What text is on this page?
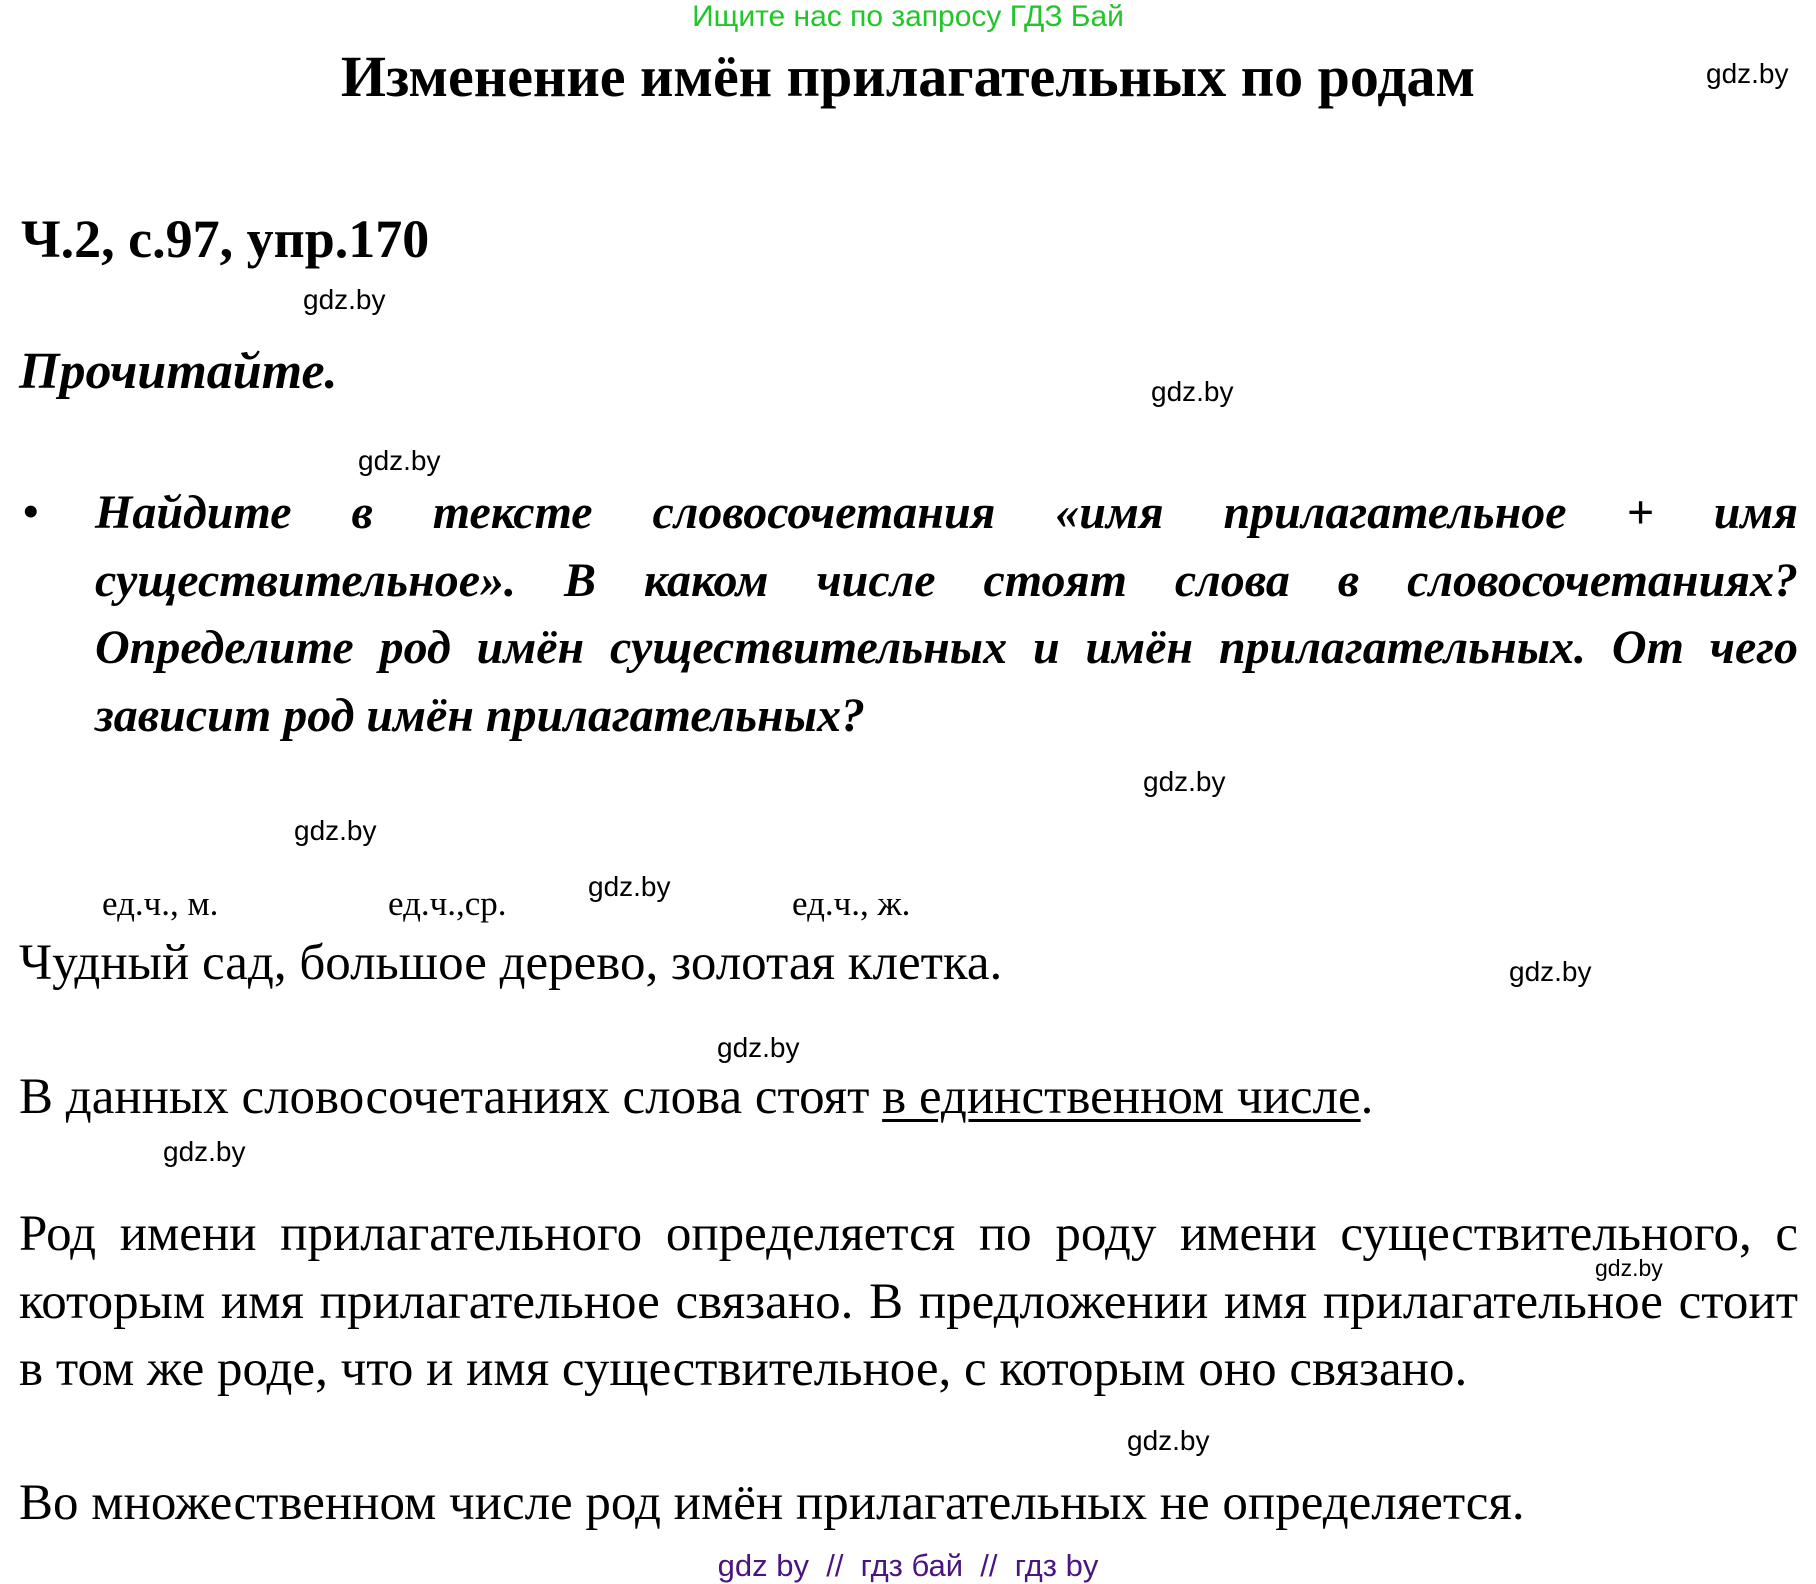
Ищите нас по запросу ГДЗ Бай
Изменение имён прилагательных по родам	gdz.by
Ч.2, с.97, упр.170
gdz.by
Прочитайте.	gdz.by
gdz.by
• Найдите в тексте словосочетания «имя прилагательное + имя существительное». В каком числе стоят слова в словосочетаниях? Определите род имён существительных и имён прилагательных. От чего зависит род имён прилагательных?
gdz.by
gdz.by
gdz.by
ед.ч., м.	ед.ч.,ср.	ед.ч., ж.
Чудный сад, большое дерево, золотая клетка.	gdz.by
gdz.by
В данных словосочетаниях слова стоят в единственном числе.
gdz.by
Род имени прилагательного определяется по роду имени существительного, с которым имя прилагательное связано. В предложении имя прилагательное стоит в том же роде, что и имя существительное, с которым оно связано.
gdz.by
gdz.by
Во множественном числе род имён прилагательных не определяется.
gdz by  //  гдз бай  //  гдз by
